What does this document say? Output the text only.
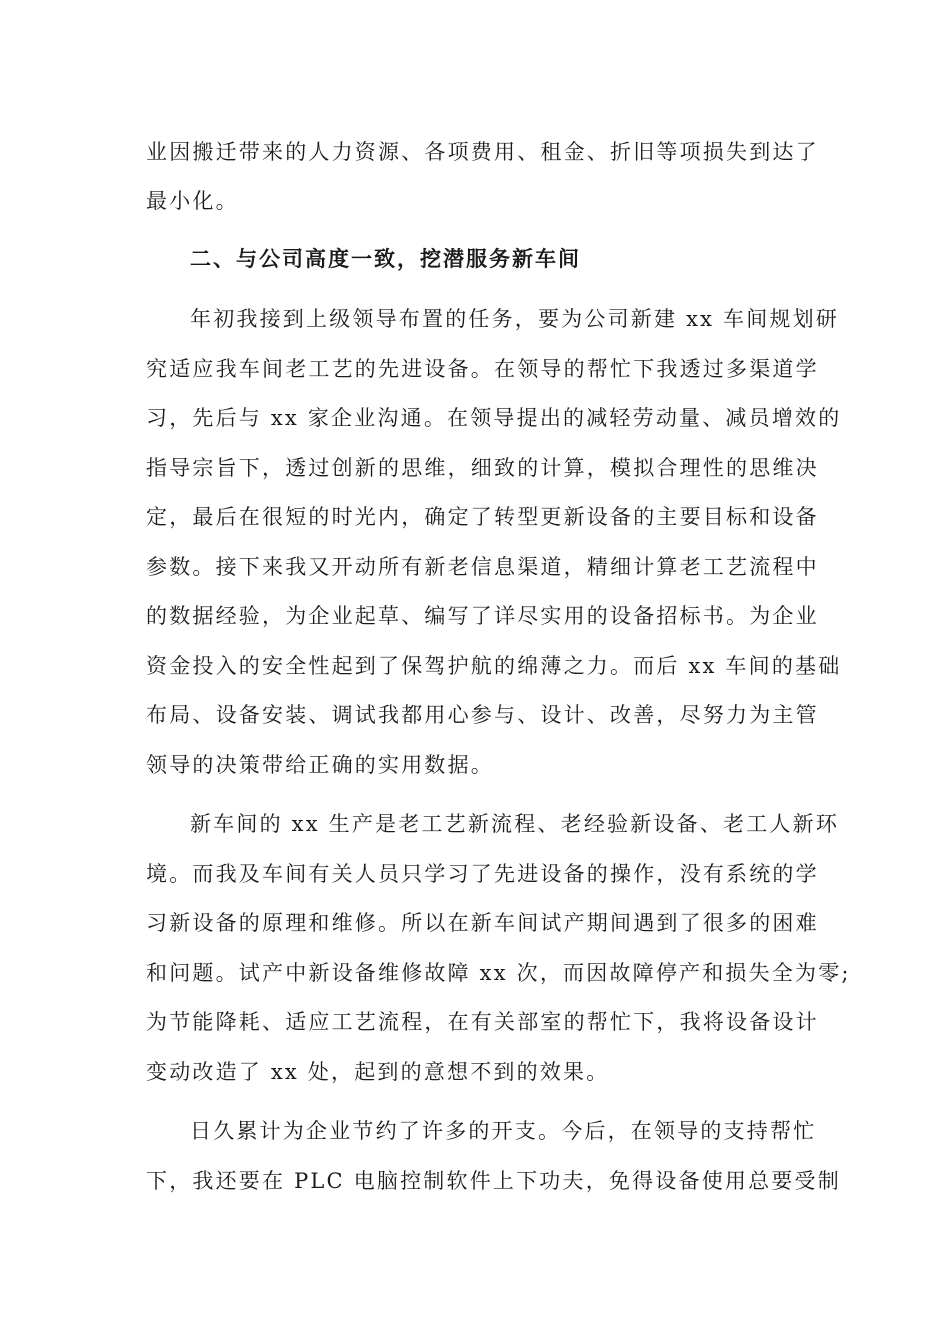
业因搬迁带来的人力资源、各项费用、租金、折旧等项损失到达了
最小化。
二、与公司高度一致，挖潜服务新车间
年初我接到上级领导布置的任务，要为公司新建 xx 车间规划研
究适应我车间老工艺的先进设备。在领导的帮忙下我透过多渠道学
习，先后与 xx 家企业沟通。在领导提出的减轻劳动量、减员增效的
指导宗旨下，透过创新的思维，细致的计算，模拟合理性的思维决
定，最后在很短的时光内，确定了转型更新设备的主要目标和设备
参数。接下来我又开动所有新老信息渠道，精细计算老工艺流程中
的数据经验，为企业起草、编写了详尽实用的设备招标书。为企业
资金投入的安全性起到了保驾护航的绵薄之力。而后 xx 车间的基础
布局、设备安装、调试我都用心参与、设计、改善，尽努力为主管
领导的决策带给正确的实用数据。
新车间的 xx 生产是老工艺新流程、老经验新设备、老工人新环
境。而我及车间有关人员只学习了先进设备的操作，没有系统的学
习新设备的原理和维修。所以在新车间试产期间遇到了很多的困难
和问题。试产中新设备维修故障 xx 次，而因故障停产和损失全为零;
为节能降耗、适应工艺流程，在有关部室的帮忙下，我将设备设计
变动改造了 xx 处，起到的意想不到的效果。
日久累计为企业节约了许多的开支。今后，在领导的支持帮忙
下，我还要在 PLC 电脑控制软件上下功夫，免得设备使用总要受制
